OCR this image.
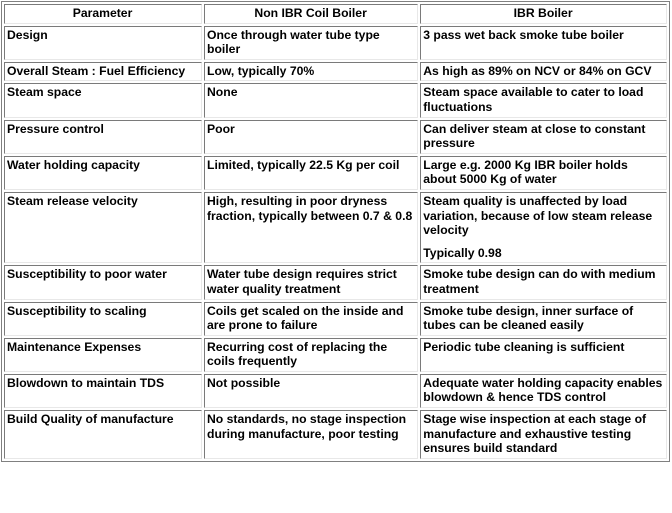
Parameter	Non IBR Coil Boiler	IBR Boiler
Design	Once through water tube type boiler	3 pass wet back smoke tube boiler
Overall Steam : Fuel Efficiency	Low, typically 70%	As high as 89% on NCV or 84% on GCV
Steam space	None	Steam space available to cater to load fluctuations
Pressure control	Poor	Can deliver steam at close to constant pressure
Water holding capacity	Limited, typically 22.5 Kg per coil	Large e.g. 2000 Kg IBR boiler holds about 5000 Kg of water
Steam release velocity	High, resulting in poor dryness fraction, typically between 0.7 & 0.8	Steam quality is unaffected by load variation, because of low steam release velocity
Typically 0.98

Susceptibility to poor water	Water tube design requires strict water quality treatment	Smoke tube design can do with medium treatment
Susceptibility to scaling	Coils get scaled on the inside and are prone to failure	Smoke tube design, inner surface of tubes can be cleaned easily
Maintenance Expenses	Recurring cost of replacing the coils frequently	Periodic tube cleaning is sufficient
Blowdown to maintain TDS	Not possible	Adequate water holding capacity enables blowdown & hence TDS control
Build Quality of manufacture	No standards, no stage inspection during manufacture, poor testing	Stage wise inspection at each stage of manufacture and exhaustive testing ensures build standard
